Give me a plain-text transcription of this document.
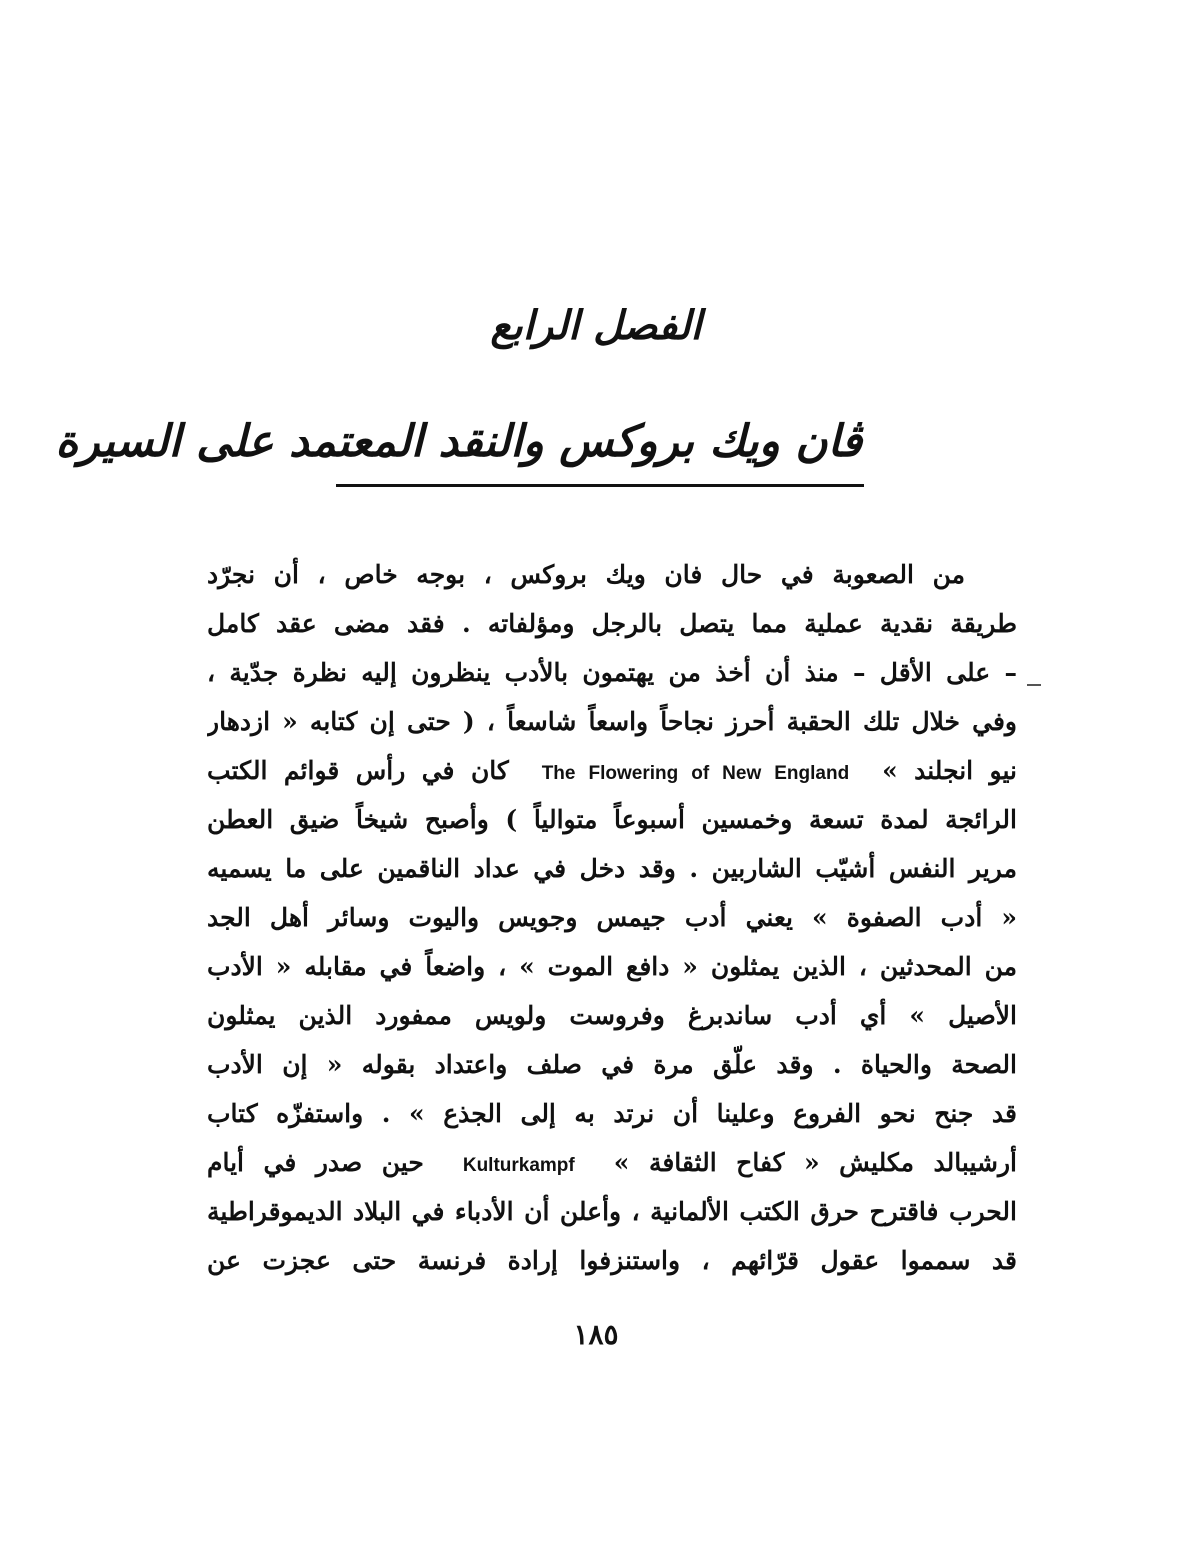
الفصل الرابع
ڤان ويك بروكس والنقد المعتمد على السيرة
من الصعوبة في حال فان ويك بروكس ، بوجه خاص ، أن نجرّد
طريقة نقدية عملية مما يتصل بالرجل ومؤلفاته . فقد مضى عقد كامل
– على الأقل – منذ أن أخذ من يهتمون بالأدب ينظرون إليه نظرة جدّية ،
وفي خلال تلك الحقبة أحرز نجاحاً واسعاً شاسعاً ، ( حتى إن كتابه « ازدهار
نيو انجلند »  The Flowering of New England  كان في رأس قوائم الكتب
الرائجة لمدة تسعة وخمسين أسبوعاً متوالياً ) وأصبح شيخاً ضيق العطن
مرير النفس أشيّب الشاربين . وقد دخل في عداد الناقمين على ما يسميه
« أدب الصفوة » يعني أدب جيمس وجويس واليوت وسائر أهل الجد
من المحدثين ، الذين يمثلون « دافع الموت » ، واضعاً في مقابله « الأدب
الأصيل » أي أدب ساندبرغ وفروست ولويس ممفورد الذين يمثلون
الصحة والحياة . وقد علّق مرة في صلف واعتداد بقوله « إن الأدب
قد جنح نحو الفروع وعلينا أن نرتد به إلى الجذع » . واستفزّه كتاب
أرشيبالد مكليش « كفاح الثقافة »  Kulturkampf  حين صدر في أيام
الحرب فاقترح حرق الكتب الألمانية ، وأعلن أن الأدباء في البلاد الديموقراطية
قد سمموا عقول قرّائهم ، واستنزفوا إرادة فرنسة حتى عجزت عن
١٨٥
